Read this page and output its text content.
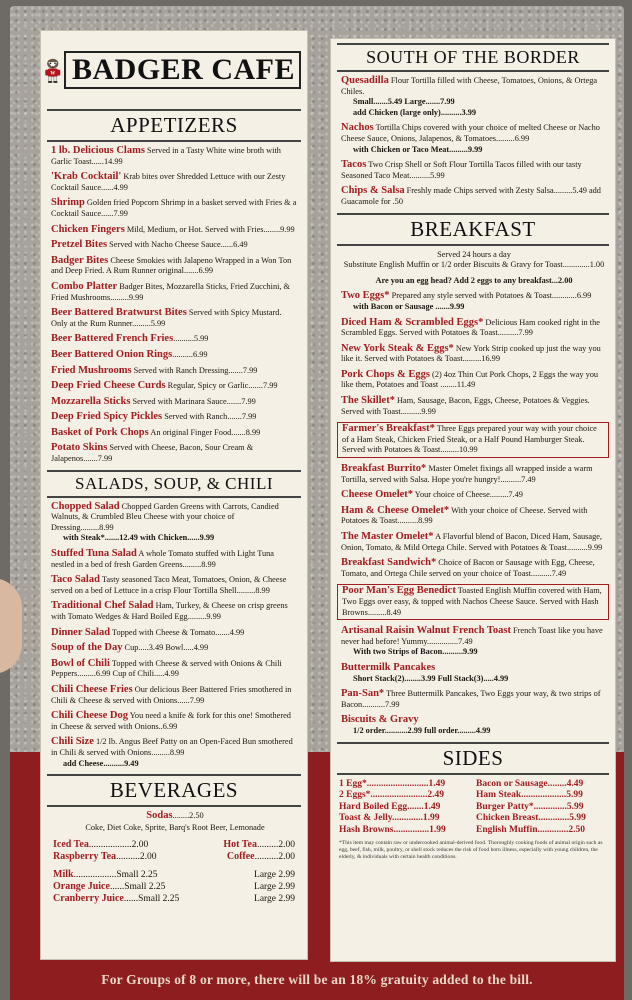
W BADGER CAFE
APPETIZERS
1 lb. Delicious Clams Served in a Tasty White wine broth with Garlic Toast......14.99
'Krab Cocktail' Krab bites over Shredded Lettuce with our Zesty Cocktail Sauce......4.99
Shrimp Golden fried Popcorn Shrimp in a basket served with Fries & a Cocktail Sauce......7.99
Chicken Fingers Mild, Medium, or Hot. Served with Fries........9.99
Pretzel Bites Served with Nacho Cheese Sauce......6.49
Badger Bites Cheese Smokies with Jalapeno Wrapped in a Won Ton and Deep Fried. A Rum Runner original.......6.99
Combo Platter Badger Bites, Mozzarella Sticks, Fried Zucchini, & Fried Mushrooms.........9.99
Beer Battered Bratwurst Bites Served with Spicy Mustard. Only at the Rum Runner.........5.99
Beer Battered French Fries..........5.99
Beer Battered Onion Rings..........6.99
Fried Mushrooms Served with Ranch Dressing.......7.99
Deep Fried Cheese Curds Regular, Spicy or Garlic.......7.99
Mozzarella Sticks Served with Marinara Sauce.......7.99
Deep Fried Spicy Pickles Served with Ranch.......7.99
Basket of Pork Chops An original Finger Food.......8.99
Potato Skins Served with Cheese, Bacon, Sour Cream & Jalapenos.......7.99
SALADS, SOUP, & CHILI
Chopped Salad Chopped Garden Greens with Carrots, Candied Walnuts, & Crumbled Bleu Cheese with your choice of Dressing.........8.99
with Steak*.......12.49 with Chicken......9.99
Stuffed Tuna Salad A whole Tomato stuffed with Light Tuna nestled in a bed of fresh Garden Greens.........8.99
Taco Salad Tasty seasoned Taco Meat, Tomatoes, Onion, & Cheese served on a bed of Lettuce in a crisp Flour Tortilla Shell.........8.99
Traditional Chef Salad Ham, Turkey, & Cheese on crisp greens with Tomato Wedges & Hard Boiled Egg.........9.99
Dinner Salad Topped with Cheese & Tomato.......4.99
Soup of the Day Cup.....3.49 Bowl.....4.99
Bowl of Chili Topped with Cheese & served with Onions & Chili Peppers.........6.99 Cup of Chili.....4.99
Chili Cheese Fries Our delicious Beer Battered Fries smothered in Chili & Cheese & served with Onions......7.99
Chili Cheese Dog You need a knife & fork for this one! Smothered in Cheese & served with Onions..6.99
Chili Size 1/2 lb. Angus Beef Patty on an Open-Faced Bun smothered in Chili & served with Onions.........8.99
add Cheese..........9.49
BEVERAGES
Sodas........2.50
Coke, Diet Coke, Sprite, Barq's Root Beer, Lemonade
Iced Tea..................2.00	Hot Tea.........2.00
Raspberry Tea..........2.00	Coffee..........2.00
Milk..................Small 2.25	Large 2.99
Orange Juice......Small 2.25	Large 2.99
Cranberry Juice......Small 2.25	Large 2.99
SOUTH OF THE BORDER
Quesadilla Flour Tortilla filled with Cheese, Tomatoes, Onions, & Ortega Chiles.
Small.......5.49 Large.......7.99
add Chicken (large only)..........3.99
Nachos Tortilla Chips covered with your choice of melted Cheese or Nacho Cheese Sauce, Onions, Jalapenos, & Tomatoes.........6.99
with Chicken or Taco Meat.........9.99
Tacos Two Crisp Shell or Soft Flour Tortilla Tacos filled with our tasty Seasoned Taco Meat..........5.99
Chips & Salsa Freshly made Chips served with Zesty Salsa.........5.49 add Guacamole for .50
BREAKFAST
Served 24 hours a day
Substitute English Muffin or 1/2 order Biscuits & Gravy for Toast.............1.00
Are you an egg head? Add 2 eggs to any breakfast...2.00
Two Eggs* Prepared any style served with Potatoes & Toast............6.99
with Bacon or Sausage .......9.99
Diced Ham & Scrambled Eggs* Delicious Ham cooked right in the Scrambled Eggs. Served with Potatoes & Toast..........7.99
New York Steak & Eggs* New York Strip cooked up just the way you like it. Served with Potatoes & Toast.........16.99
Pork Chops & Eggs (2) 4oz Thin Cut Pork Chops, 2 Eggs the way you like them, Potatoes and Toast ........11.49
The Skillet* Ham, Sausage, Bacon, Eggs, Cheese, Potatoes & Veggies. Served with Toast..........9.99
Farmer's Breakfast* Three Eggs prepared your way with your choice of a Ham Steak, Chicken Fried Steak, or a Half Pound Hamburger Steak. Served with Potatoes & Toast.........10.99
Breakfast Burrito* Master Omelet fixings all wrapped inside a warm Tortilla, served with Salsa. Hope you're hungry!..........7.49
Cheese Omelet* Your choice of Cheese.........7.49
Ham & Cheese Omelet* With your choice of Cheese. Served with Potatoes & Toast..........8.99
The Master Omelet* A Flavorful blend of Bacon, Diced Ham, Sausage, Onion, Tomato, & Mild Ortega Chile. Served with Potatoes & Toast..........9.99
Breakfast Sandwich* Choice of Bacon or Sausage with Egg, Cheese, Tomato, and Ortega Chile served on your choice of Toast..........7.49
Poor Man's Egg Benedict Toasted English Muffin covered with Ham, Two Eggs over easy, & topped with Nachos Cheese Sauce. Served with Hash Browns.........8.49
Artisanal Raisin Walnut French Toast French Toast like you have never had before! Yummy...............7.49
With two Strips of Bacon..........9.99
Buttermilk Pancakes
Short Stack(2)........3.99 Full Stack(3).....4.99
Pan-San* Three Buttermilk Pancakes, Two Eggs your way, & two strips of Bacon...........7.99
Biscuits & Gravy
1/2 order...........2.99 full order.........4.99
SIDES
1 Egg*..........................1.49	Bacon or Sausage........4.49
2 Eggs*........................2.49	Ham Steak...................5.99
Hard Boiled Egg.......1.49	Burger Patty*..............5.99
Toast & Jelly.............1.99	Chicken Breast.............5.99
Hash Browns...............1.99	English Muffin.............2.50
*This item may contain raw or undercooked animal-derived food. Thoroughly cooking foods of animal origin such as egg, beef, fish, milk, poultry, or shell stock reduces the risk of food born illness, especially with young children, the elderly, & individuals with certain health conditions.
For Groups of 8 or more, there will be an 18% gratuity added to the bill.
